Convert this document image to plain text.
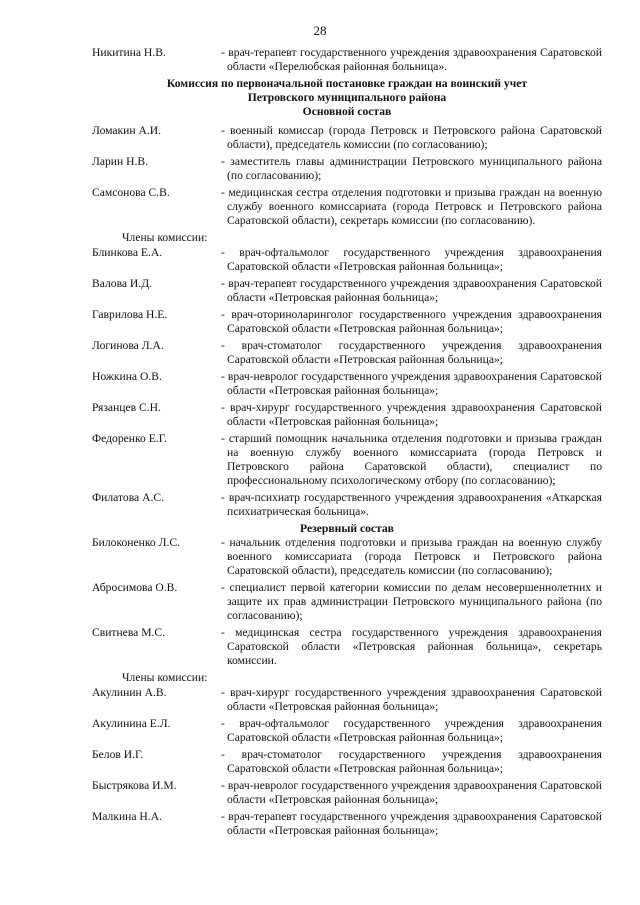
28
Никитина Н.В.	- врач-терапевт государственного учреждения здравоохранения Саратовской области «Перелюбская районная больница».
Комиссия по первоначальной постановке граждан на воинский учет
Петровского муниципального района
Основной состав
Ломакин А.И.	- военный комиссар (города Петровск и Петровского района Саратовской области), председатель комиссии (по согласованию);
Ларин Н.В.	- заместитель главы администрации Петровского муниципального района (по согласованию);
Самсонова С.В.	- медицинская сестра отделения подготовки и призыва граждан на военную службу военного комиссариата (города Петровск и Петровского района Саратовской области), секретарь комиссии (по согласованию).
Члены комиссии:
Блинкова Е.А.	- врач-офтальмолог государственного учреждения здравоохранения Саратовской области «Петровская районная больница»;
Валова И.Д.	- врач-терапевт государственного учреждения здравоохранения Саратовской области «Петровская районная больница»;
Гаврилова Н.Е.	- врач-оториноларинголог государственного учреждения здравоохранения Саратовской области «Петровская районная больница»;
Логинова Л.А.	- врач-стоматолог государственного учреждения здравоохранения Саратовской области «Петровская районная больница»;
Ножкина О.В.	- врач-невролог государственного учреждения здравоохранения Саратовской области «Петровская районная больница»;
Рязанцев С.Н.	- врач-хирург государственного учреждения здравоохранения Саратовской области «Петровская районная больница»;
Федоренко Е.Г.	- старший помощник начальника отделения подготовки и призыва граждан на военную службу военного комиссариата (города Петровск и Петровского района Саратовской области), специалист по профессиональному психологическому отбору (по согласованию);
Филатова А.С.	- врач-психиатр государственного учреждения здравоохранения «Аткарская психиатрическая больница».
Резервный состав
Билоконенко Л.С.	- начальник отделения подготовки и призыва граждан на военную службу военного комиссариата (города Петровск и Петровского района Саратовской области), председатель комиссии (по согласованию);
Абросимова О.В.	- специалист первой категории комиссии по делам несовершеннолетних и защите их прав администрации Петровского муниципального района (по согласованию);
Свитнева М.С.	- медицинская сестра государственного учреждения здравоохранения Саратовской области «Петровская районная больница», секретарь комиссии.
Члены комиссии:
Акулинин А.В.	- врач-хирург государственного учреждения здравоохранения Саратовской области «Петровская районная больница»;
Акулинина Е.Л.	- врач-офтальмолог государственного учреждения здравоохранения Саратовской области «Петровская районная больница»;
Белов И.Г.	- врач-стоматолог государственного учреждения здравоохранения Саратовской области «Петровская районная больница»;
Быстрякова И.М.	- врач-невролог государственного учреждения здравоохранения Саратовской области «Петровская районная больница»;
Малкина Н.А.	- врач-терапевт государственного учреждения здравоохранения Саратовской области «Петровская районная больница»;
